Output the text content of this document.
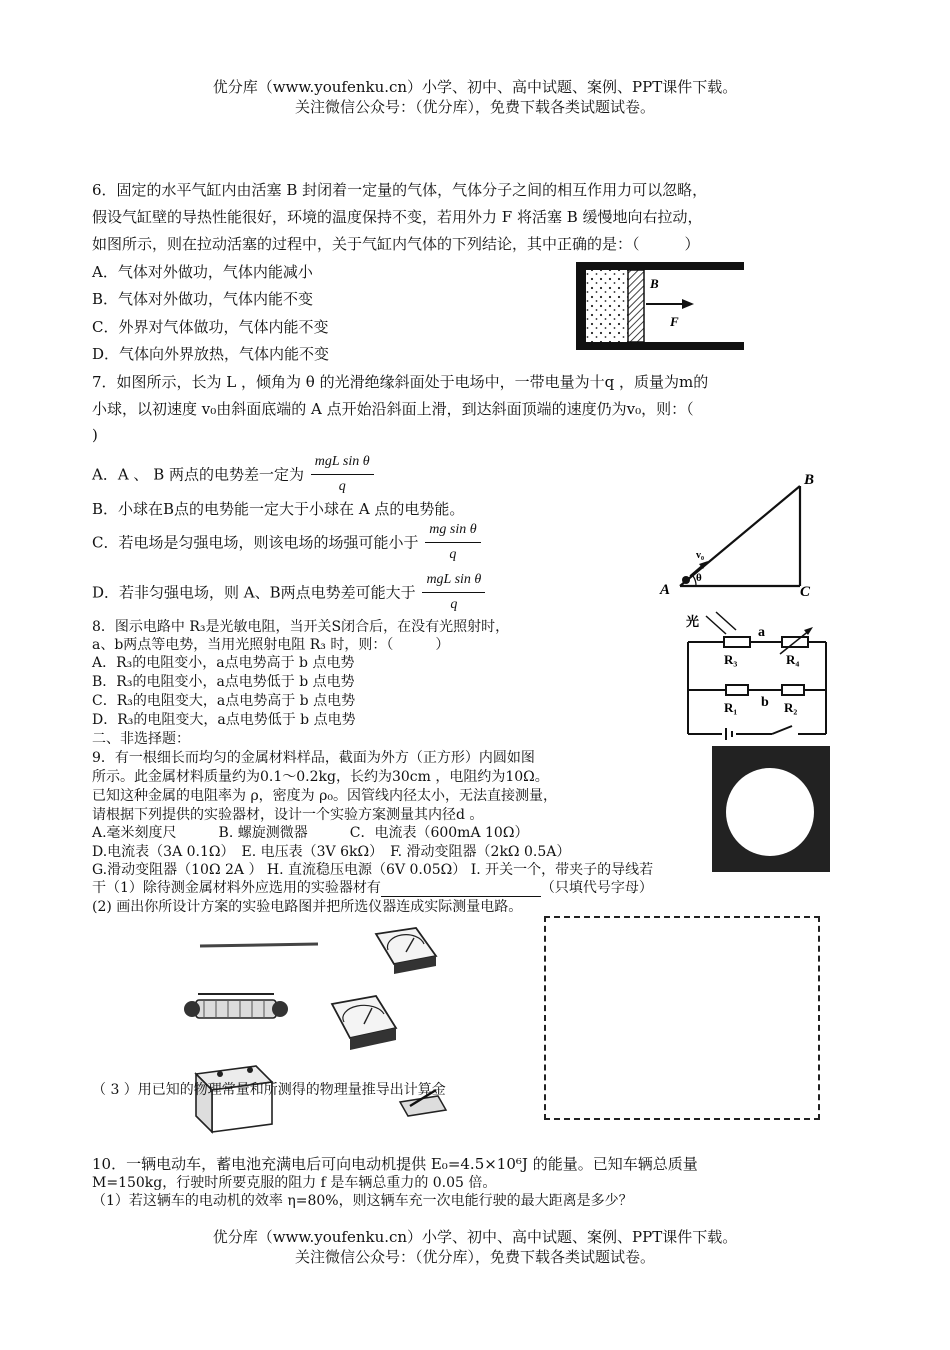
优分库（www.youfenku.cn）小学、初中、高中试题、案例、PPT课件下载。
关注微信公众号：（优分库），免费下载各类试题试卷。
6．固定的水平气缸内由活塞 B 封闭着一定量的气体，气体分子之间的相互作用力可以忽略，
假设气缸壁的导热性能很好，环境的温度保持不变，若用外力 F 将活塞 B 缓慢地向右拉动，
如图所示，则在拉动活塞的过程中，关于气缸内气体的下列结论，其中正确的是：（　　　）
A．气体对外做功，气体内能减小
B．气体对外做功，气体内能不变
C．外界对气体做功，气体内能不变
D．气体向外界放热，气体内能不变
B
F
7．如图所示，长为 L ，倾角为 θ 的光滑绝缘斜面处于电场中，一带电量为十q ，质量为m的
小球，以初速度 v₀由斜面底端的 A 点开始沿斜面上滑，到达斜面顶端的速度仍为v₀，则：（
)
A．A 、 B 两点的电势差一定为 $\frac{\text{mgL sin θ}}{q}$
B．小球在B点的电势能一定大于小球在 A 点的电势能。
C．若电场是匀强电场，则该电场的场强可能小于 $\frac{\text{mg sin θ}}{q}$
D．若非匀强电场，则 A、B两点电势差可能大于 $\frac{\text{mgL sin θ}}{q}$
v₀
θ
A
B
C
8．图示电路中 R₃是光敏电阻，当开关S闭合后，在没有光照射时，
a、b两点等电势，当用光照射电阻 R₃ 时，则：（　　　）
A．R₃的电阻变小，a点电势高于 b 点电势
B．R₃的电阻变小，a点电势低于 b 点电势
C．R₃的电阻变大，a点电势高于 b 点电势
D．R₃的电阻变大，a点电势低于 b 点电势
光
a
b
R₃	R₄
R₁	R₂
二、非选择题：
9．有一根细长而均匀的金属材料样品，截面为外方（正方形）内圆如图
所示。此金属材料质量约为0.1～0.2kg，长约为30cm ，电阻约为10Ω。
已知这种金属的电阻率为 ρ，密度为 ρ₀。因管线内径太小，无法直接测量，
请根据下列提供的实验器材，设计一个实验方案测量其内径d 。
A.毫米刻度尺　　　B. 螺旋测微器　　　C．电流表（600mA 10Ω）
D.电流表（3A 0.1Ω）　E. 电压表（3V 6kΩ）　F. 滑动变阻器（2kΩ 0.5A）
G.滑动变阻器（10Ω 2A ） H. 直流稳压电源（6V 0.05Ω） I. 开关一个，带夹子的导线若
干（1）除待测金属材料外应选用的实验器材有	（只填代号字母）
(2) 画出你所设计方案的实验电路图并把所选仪器连成实际测量电路。
（ 3 ）用已知的物理常量和所测得的物理量推导出计算金
10．一辆电动车，蓄电池充满电后可向电动机提供 E₀=4.5×10⁶J 的能量。已知车辆总质量
M=150kg，行驶时所要克服的阻力 f 是车辆总重力的 0.05 倍。
（1）若这辆车的电动机的效率 η=80%，则这辆车充一次电能行驶的最大距离是多少？
优分库（www.youfenku.cn）小学、初中、高中试题、案例、PPT课件下载。
关注微信公众号：（优分库），免费下载各类试题试卷。
